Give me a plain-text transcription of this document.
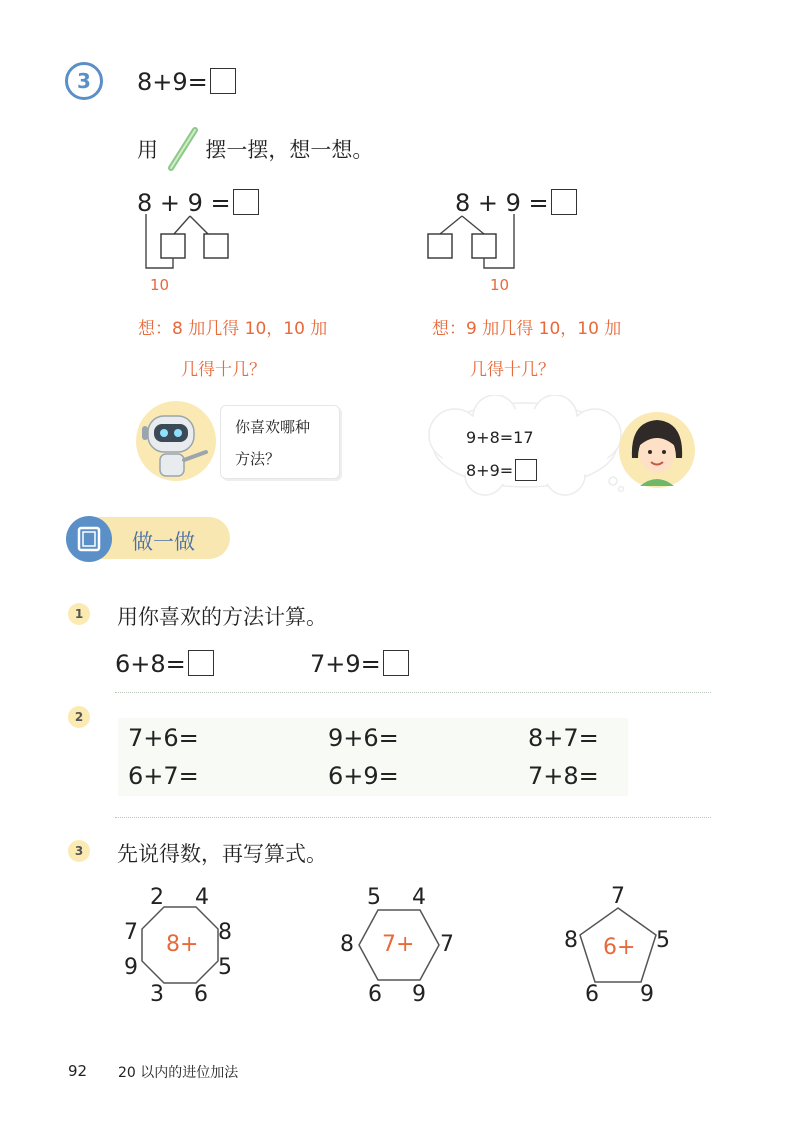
3	8+9=
用 摆一摆，想一想。
8 + 9 =
10
想：8 加几得 10，10 加
几得十几？
8 + 9 =
10
想：9 加几得 10，10 加
几得十几？
你喜欢哪种
方法？
9+8=17
8+9=
做一做
1	用你喜欢的方法计算。
6+8=	7+9=
2
7+6=	9+6=	8+7=
6+7=	6+9=	7+8=
3	先说得数，再写算式。
8+
2 4
8
5
6
3
9
7	7+
5 4
7
9
6
8	6+
7
5
9
6
8
92 20 以内的进位加法
